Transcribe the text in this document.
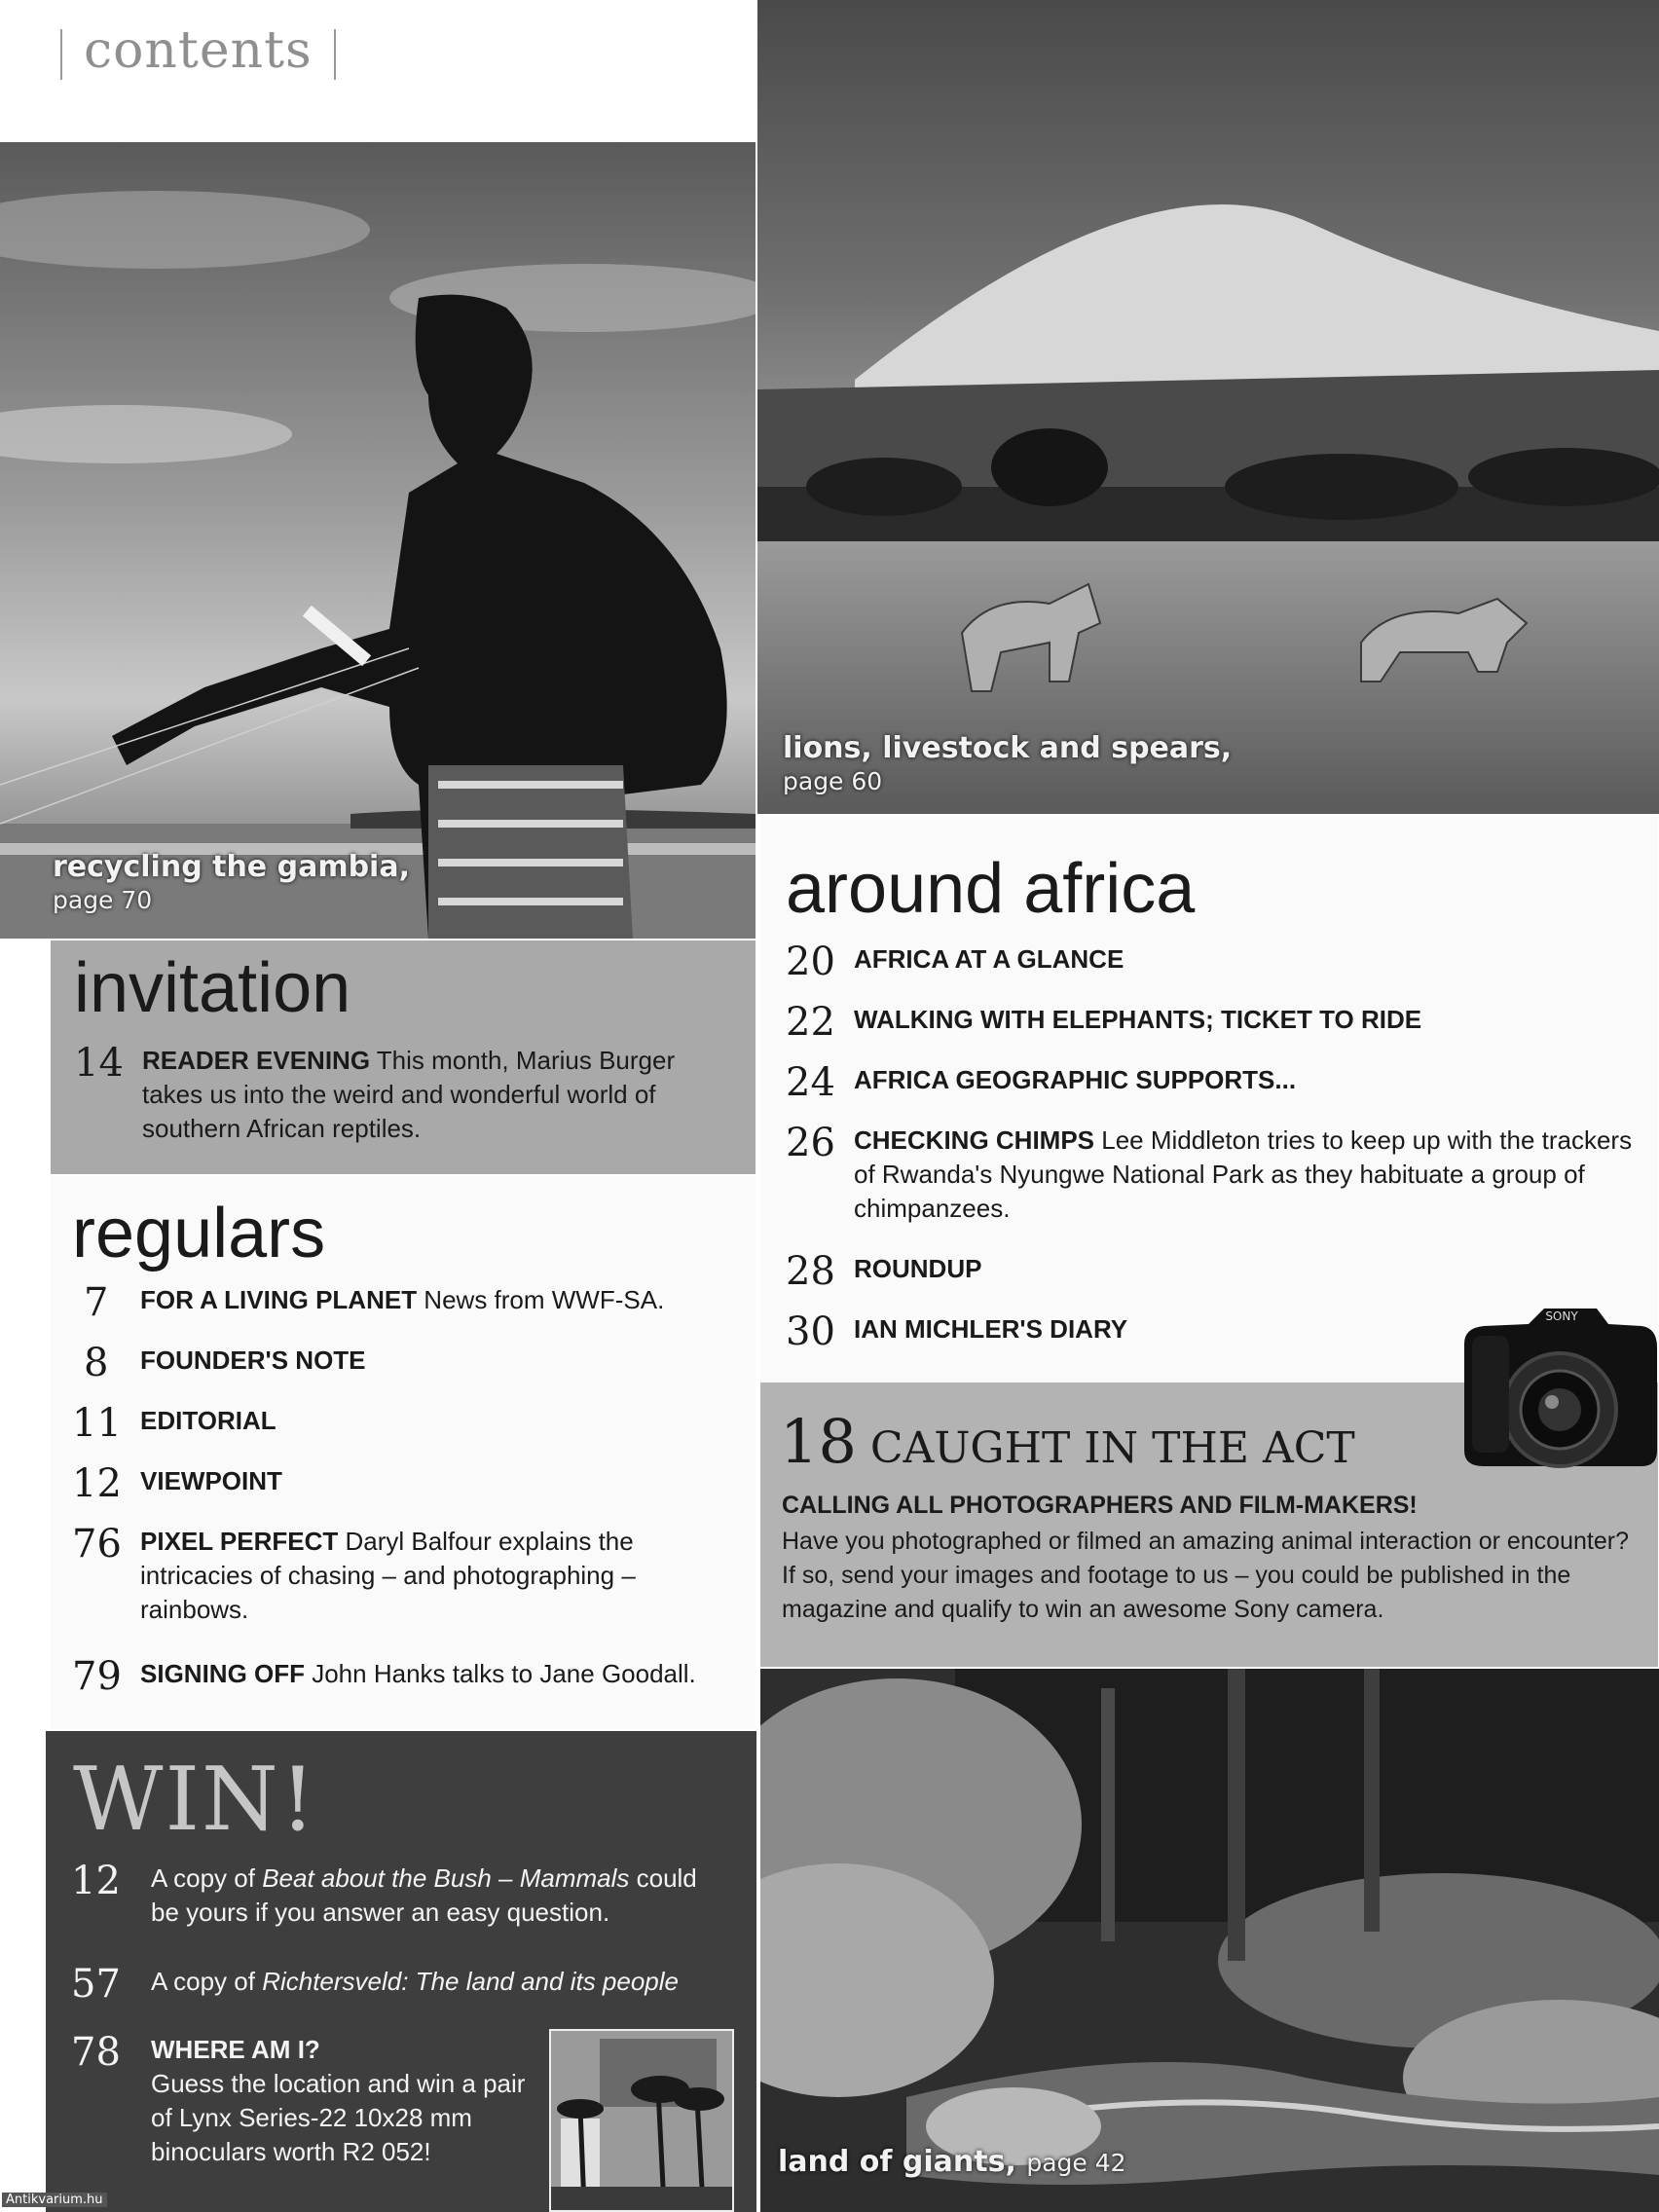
contents
recycling the gambia,
page 70
lions, livestock and spears,
page 60
land of giants, page 42
invitation
14 READER EVENING This month, Marius Burger takes us into the weird and wonderful world of southern African reptiles.
regulars
7	FOR A LIVING PLANET News from WWF-SA.
8	FOUNDER'S NOTE
11 EDITORIAL
12 VIEWPOINT
76 PIXEL PERFECT Daryl Balfour explains the intricacies of chasing – and photographing – rainbows.
79 SIGNING OFF John Hanks talks to Jane Goodall.
WIN!
12	A copy of Beat about the Bush – Mammals could be yours if you answer an easy question.
57	A copy of Richtersveld: The land and its people
78	WHERE AM I?
Guess the location and win a pair of Lynx Series-22 10x28 mm binoculars worth R2 052!
around africa
20 AFRICA AT A GLANCE
22 WALKING WITH ELEPHANTS; TICKET TO RIDE
24 AFRICA GEOGRAPHIC SUPPORTS...
26 CHECKING CHIMPS Lee Middleton tries to keep up with the trackers of Rwanda's Nyungwe National Park as they habituate a group of chimpanzees.
28 ROUNDUP
30 IAN MICHLER'S DIARY
18 CAUGHT IN THE ACT
CALLING ALL PHOTOGRAPHERS AND FILM-MAKERS!
Have you photographed or filmed an amazing animal interaction or encounter? If so, send your images and footage to us – you could be published in the magazine and qualify to win an awesome Sony camera.
SONY
Antikvarium.hu
